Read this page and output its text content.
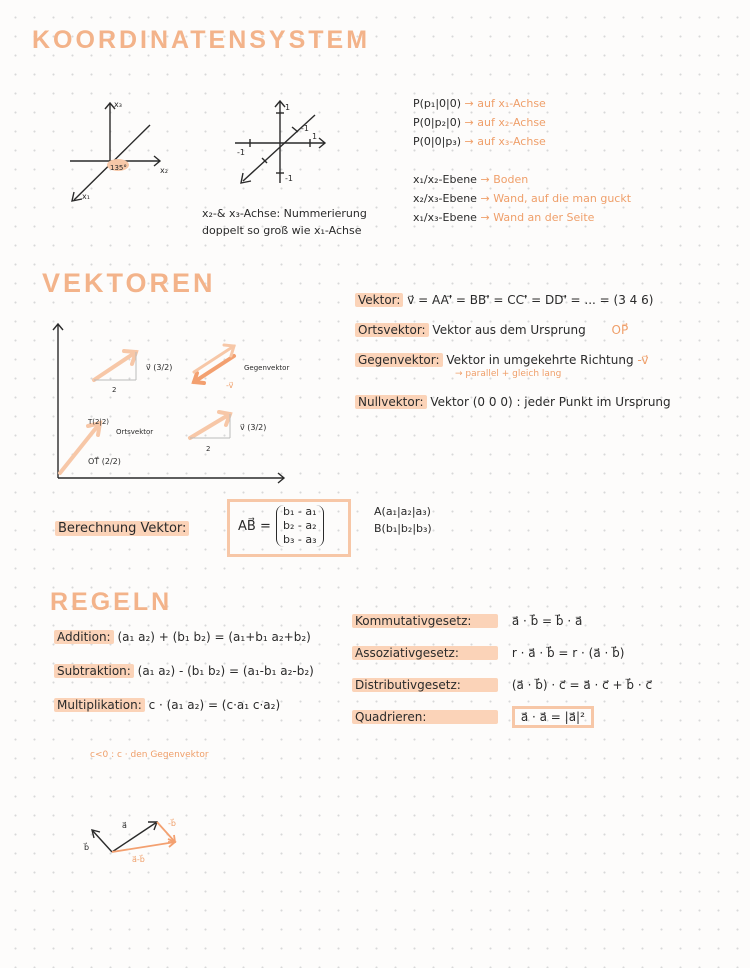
KOORDINATENSYSTEM
x₃
x₂
x₁
135°
1
-1
-1
1
-1
x₂-& x₃-Achse: Nummerierung
doppelt so groß wie x₁-Achse
P(p₁|0|0) → auf x₁-Achse
P(0|p₂|0) → auf x₂-Achse
P(0|0|p₃) → auf x₃-Achse
x₁/x₂-Ebene → Boden
x₂/x₃-Ebene → Wand, auf die man guckt
x₁/x₃-Ebene → Wand an der Seite
VEKTOREN
v⃗ (3/2)	Gegenvektor
-v⃗
v⃗ (3/2)
T(2|2)
Ortsvektor
OT⃗ (2/2)
2
2
Vektor: v⃗ = AA'⃗ = BB'⃗ = CC'⃗ = DD'⃗ = ... = (3 4 6)
Ortsvektor: Vektor aus dem Ursprung OP⃗
Gegenvektor: Vektor in umgekehrte Richtung -v⃗
→ parallel + gleich lang
Nullvektor: Vektor (0 0 0) : jeder Punkt im Ursprung
Berechnung Vektor:	AB⃗ =
b₁ - a₁
b₂ - a₂
b₃ - a₃
A(a₁|a₂|a₃)
B(b₁|b₂|b₃)
REGELN
Addition: (a₁ a₂) + (b₁ b₂) = (a₁+b₁ a₂+b₂)
Subtraktion: (a₁ a₂) - (b₁ b₂) = (a₁-b₁ a₂-b₂)
Multiplikation: c · (a₁ a₂) = (c·a₁ c·a₂)
c<0 : c · den Gegenvektor
Kommutativgesetz:	a⃗ · b⃗ = b⃗ · a⃗
Assoziativgesetz:	r · a⃗ · b⃗ = r · (a⃗ · b⃗)
Distributivgesetz:	(a⃗ · b⃗) · c⃗ = a⃗ · c⃗ + b⃗ · c⃗
Quadrieren:	a⃗ · a⃗ = |a⃗|²
a⃗
b⃗
-b⃗
a⃗-b⃗
